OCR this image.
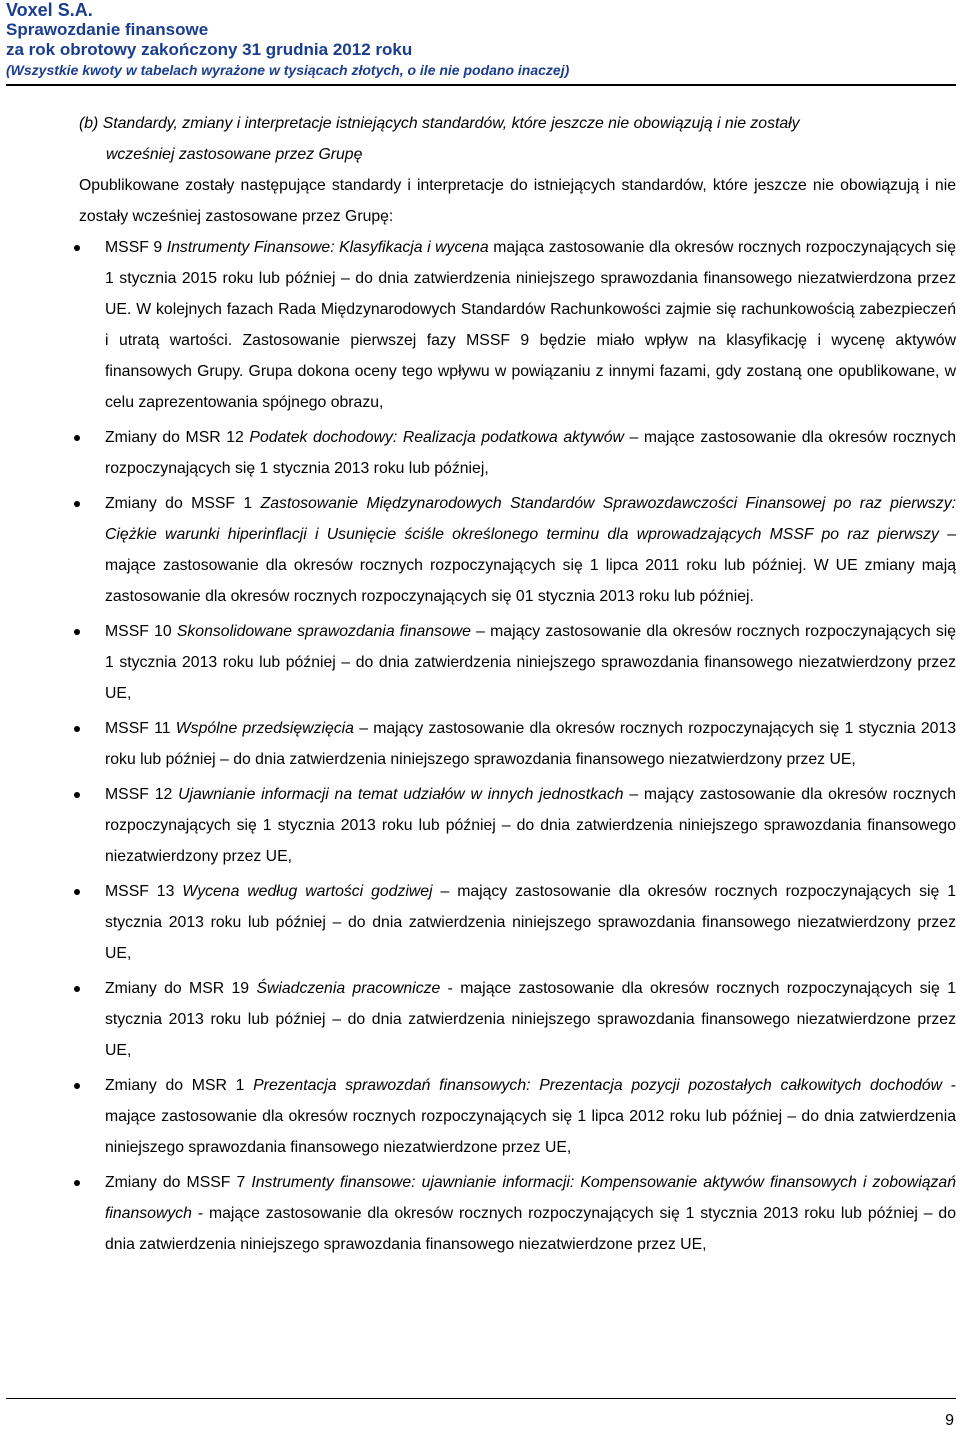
Voxel S.A.
Sprawozdanie finansowe
za rok obrotowy zakończony 31 grudnia 2012 roku
(Wszystkie kwoty w tabelach wyrażone w tysiącach złotych, o ile nie podano inaczej)

(b) Standardy, zmiany i interpretacje istniejących standardów, które jeszcze nie obowiązują i nie zostały
wcześniej zastosowane przez Grupę

Opublikowane zostały następujące standardy i interpretacje do istniejących standardów, które jeszcze nie obowiązują i nie zostały wcześniej zastosowane przez Grupę:

MSSF 9 Instrumenty Finansowe: Klasyfikacja i wycena mająca zastosowanie dla okresów rocznych rozpoczynających się 1 stycznia 2015 roku lub później – do dnia zatwierdzenia niniejszego sprawozdania finansowego niezatwierdzona przez UE. W kolejnych fazach Rada Międzynarodowych Standardów Rachunkowości zajmie się rachunkowością zabezpieczeń i utratą wartości. Zastosowanie pierwszej fazy MSSF 9 będzie miało wpływ na klasyfikację i wycenę aktywów finansowych Grupy. Grupa dokona oceny tego wpływu w powiązaniu z innymi fazami, gdy zostaną one opublikowane, w celu zaprezentowania spójnego obrazu,
Zmiany do MSR 12 Podatek dochodowy: Realizacja podatkowa aktywów – mające zastosowanie dla okresów rocznych rozpoczynających się 1 stycznia 2013 roku lub później,
Zmiany do MSSF 1 Zastosowanie Międzynarodowych Standardów Sprawozdawczości Finansowej po raz pierwszy: Ciężkie warunki hiperinflacji i Usunięcie ściśle określonego terminu dla wprowadzających MSSF po raz pierwszy – mające zastosowanie dla okresów rocznych rozpoczynających się 1 lipca 2011 roku lub później. W UE zmiany mają zastosowanie dla okresów rocznych rozpoczynających się 01 stycznia 2013 roku lub później.
MSSF 10 Skonsolidowane sprawozdania finansowe – mający zastosowanie dla okresów rocznych rozpoczynających się 1 stycznia 2013 roku lub później – do dnia zatwierdzenia niniejszego sprawozdania finansowego niezatwierdzony przez UE,
MSSF 11 Wspólne przedsięwzięcia – mający zastosowanie dla okresów rocznych rozpoczynających się 1 stycznia 2013 roku lub później – do dnia zatwierdzenia niniejszego sprawozdania finansowego niezatwierdzony przez UE,
MSSF 12 Ujawnianie informacji na temat udziałów w innych jednostkach – mający zastosowanie dla okresów rocznych rozpoczynających się 1 stycznia 2013 roku lub później – do dnia zatwierdzenia niniejszego sprawozdania finansowego niezatwierdzony przez UE,
MSSF 13 Wycena według wartości godziwej – mający zastosowanie dla okresów rocznych rozpoczynających się 1 stycznia 2013 roku lub później – do dnia zatwierdzenia niniejszego sprawozdania finansowego niezatwierdzony przez UE,
Zmiany do MSR 19 Świadczenia pracownicze - mające zastosowanie dla okresów rocznych rozpoczynających się 1 stycznia 2013 roku lub później – do dnia zatwierdzenia niniejszego sprawozdania finansowego niezatwierdzone przez UE,
Zmiany do MSR 1 Prezentacja sprawozdań finansowych: Prezentacja pozycji pozostałych całkowitych dochodów - mające zastosowanie dla okresów rocznych rozpoczynających się 1 lipca 2012 roku lub później – do dnia zatwierdzenia niniejszego sprawozdania finansowego niezatwierdzone przez UE,
Zmiany do MSSF 7 Instrumenty finansowe: ujawnianie informacji: Kompensowanie aktywów finansowych i zobowiązań finansowych - mające zastosowanie dla okresów rocznych rozpoczynających się 1 stycznia 2013 roku lub później – do dnia zatwierdzenia niniejszego sprawozdania finansowego niezatwierdzone przez UE,
9
